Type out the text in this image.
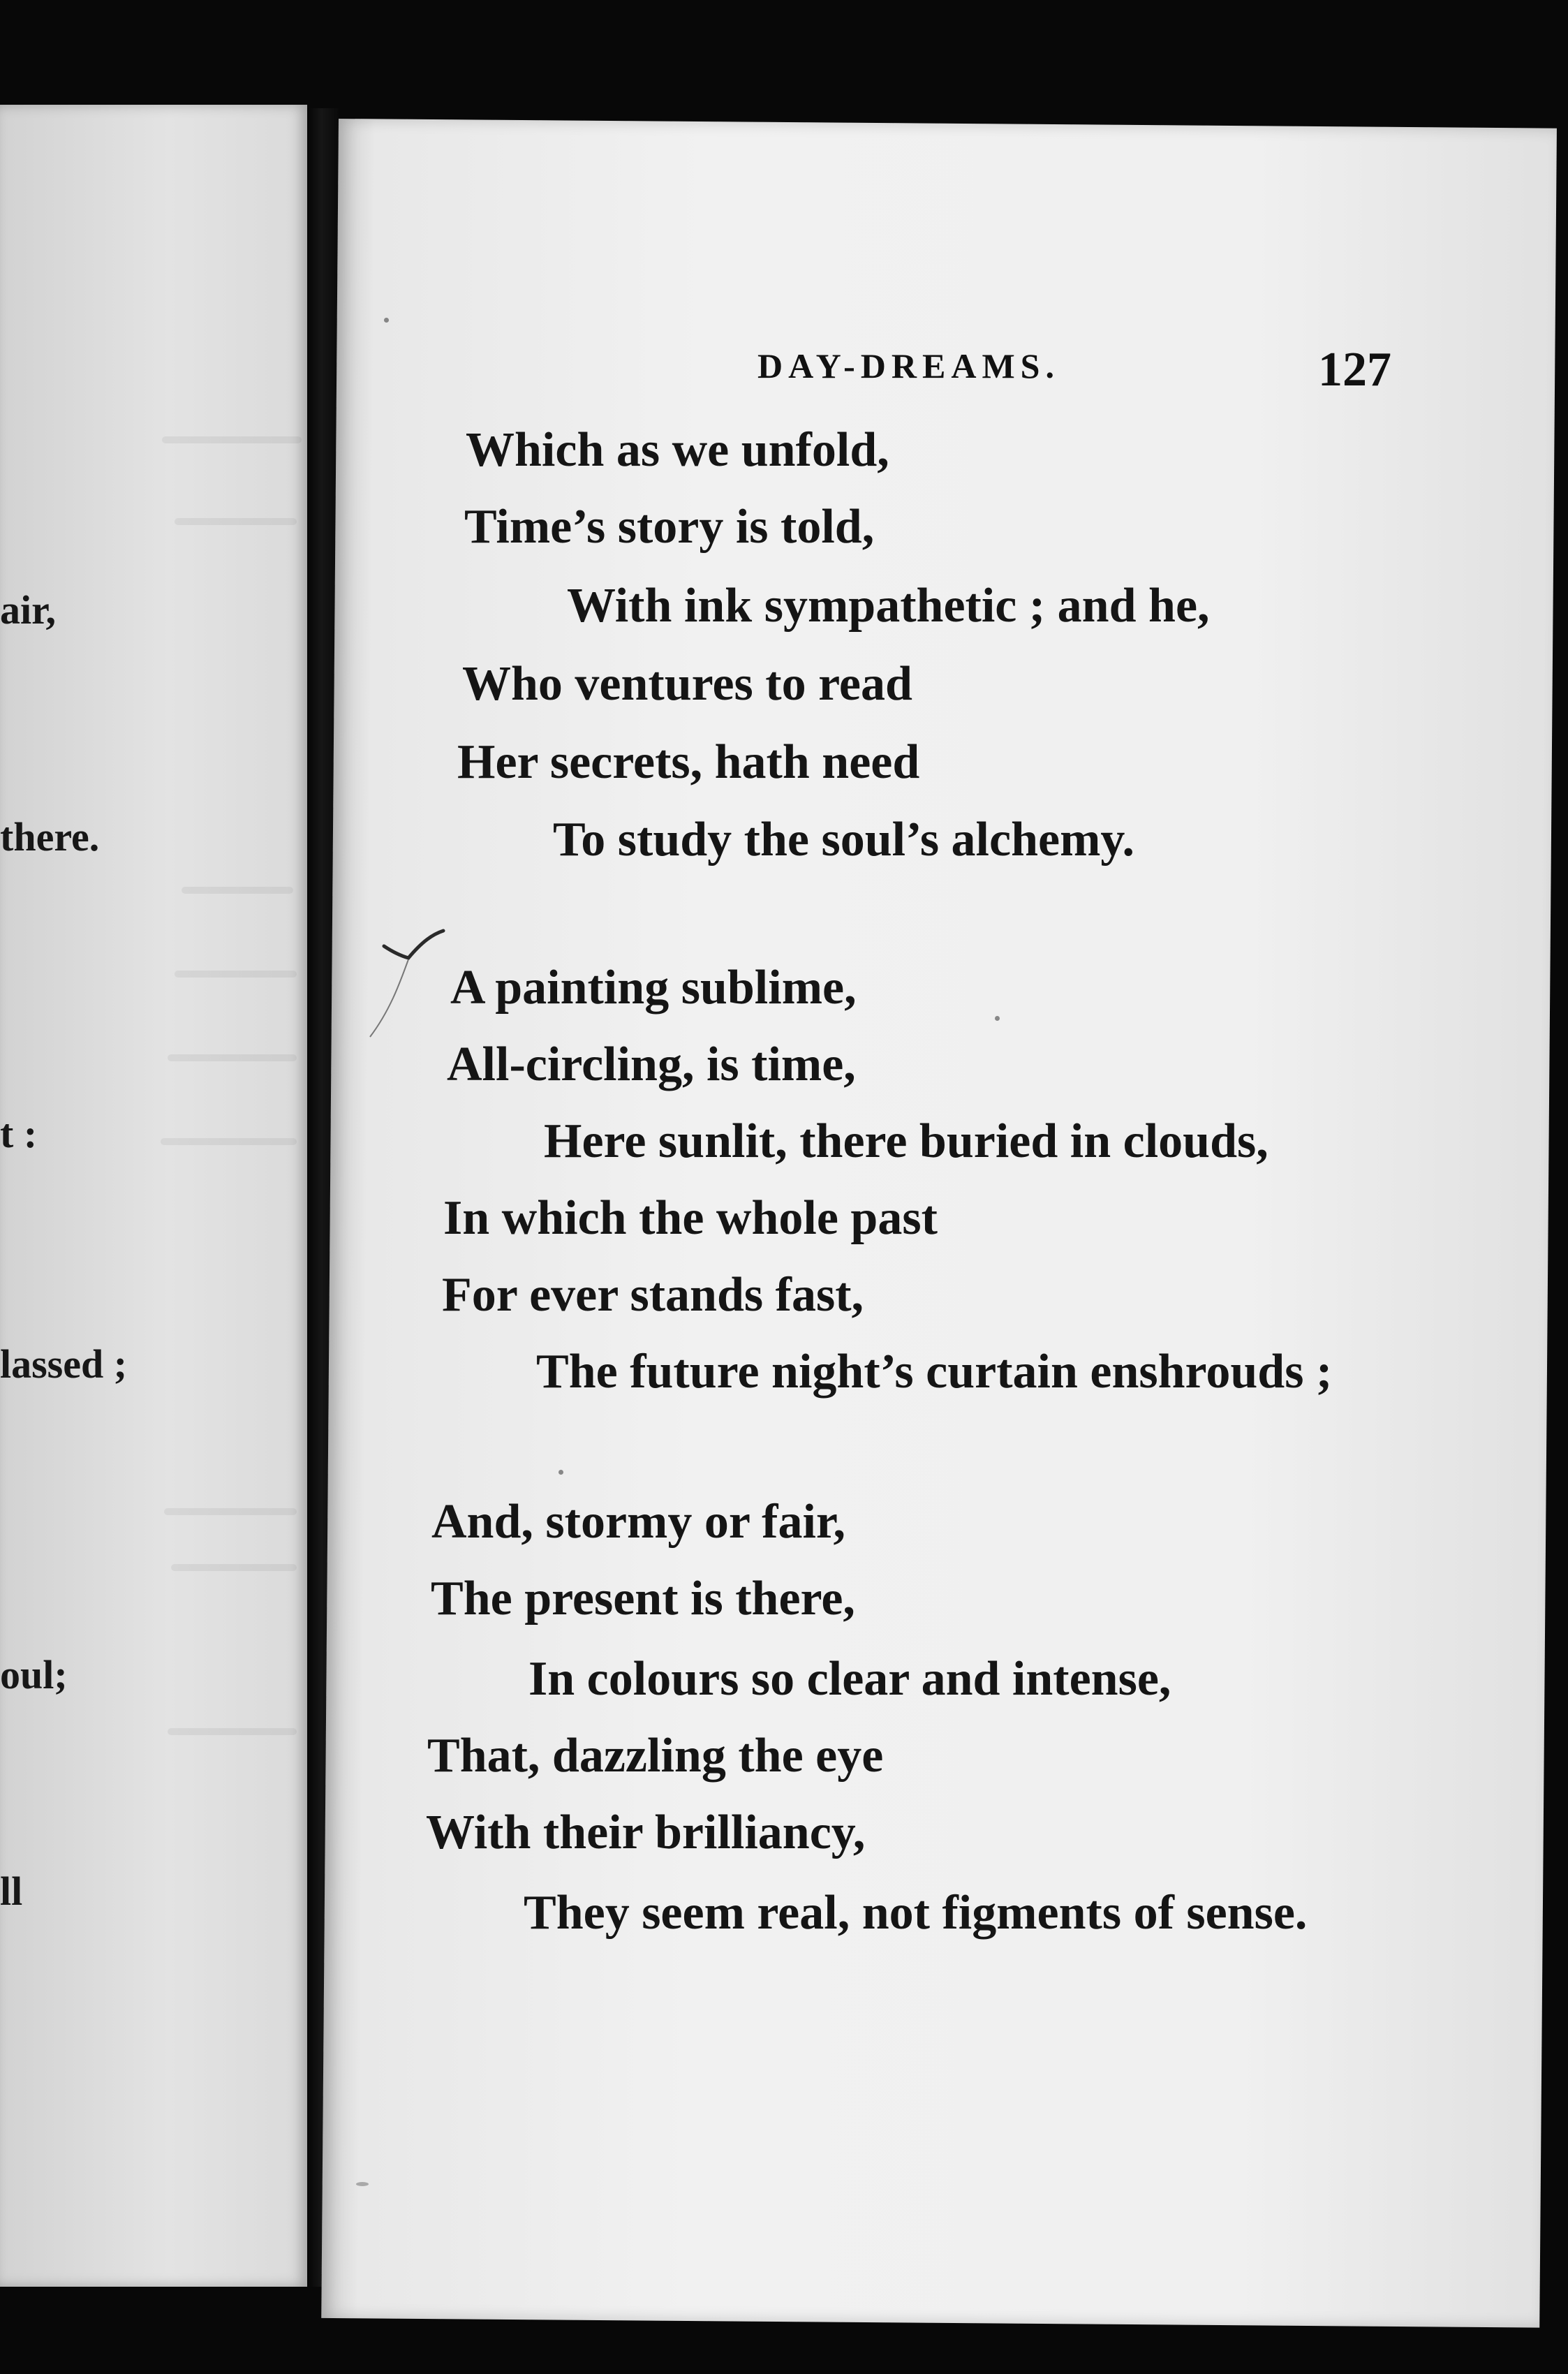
air,

there.

t :

lassed ;

oul;

ll

DAY-DREAMS.	127

Which as we unfold,

Time’s story is told,

With ink sympathetic ; and he,

Who ventures to read

Her secrets, hath need

To study the soul’s alchemy.

A painting sublime,

All-circling, is time,

Here sunlit, there buried in clouds,

In which the whole past

For ever stands fast,

The future night’s curtain enshrouds ;

And, stormy or fair,

The present is there,

In colours so clear and intense,

That, dazzling the eye

With their brilliancy,

They seem real, not figments of sense.
